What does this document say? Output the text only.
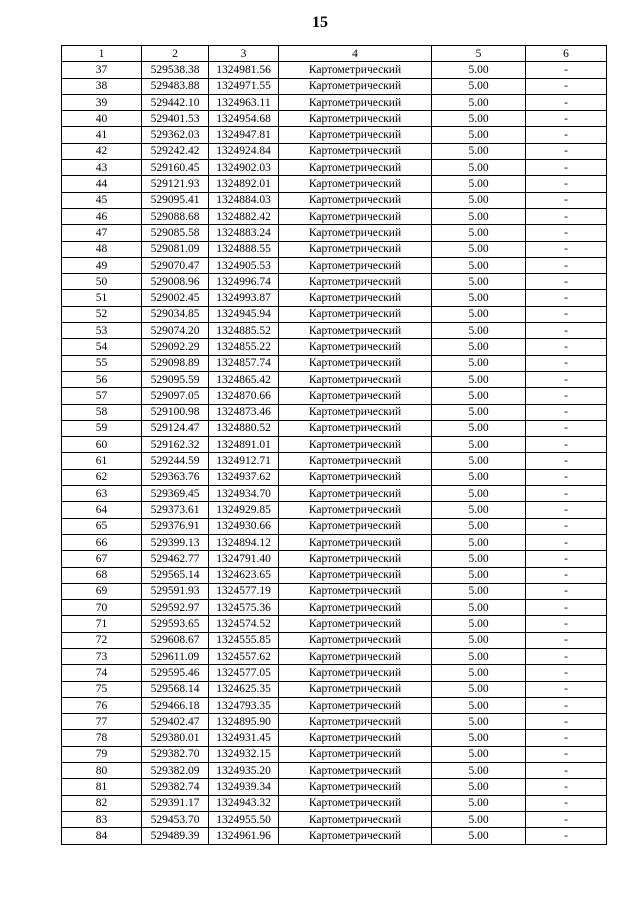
15
1	2	3	4	5	6
37	529538.38	1324981.56	Картометрический	5.00	-
38	529483.88	1324971.55	Картометрический	5.00	-
39	529442.10	1324963.11	Картометрический	5.00	-
40	529401.53	1324954.68	Картометрический	5.00	-
41	529362.03	1324947.81	Картометрический	5.00	-
42	529242.42	1324924.84	Картометрический	5.00	-
43	529160.45	1324902.03	Картометрический	5.00	-
44	529121.93	1324892.01	Картометрический	5.00	-
45	529095.41	1324884.03	Картометрический	5.00	-
46	529088.68	1324882.42	Картометрический	5.00	-
47	529085.58	1324883.24	Картометрический	5.00	-
48	529081.09	1324888.55	Картометрический	5.00	-
49	529070.47	1324905.53	Картометрический	5.00	-
50	529008.96	1324996.74	Картометрический	5.00	-
51	529002.45	1324993.87	Картометрический	5.00	-
52	529034.85	1324945.94	Картометрический	5.00	-
53	529074.20	1324885.52	Картометрический	5.00	-
54	529092.29	1324855.22	Картометрический	5.00	-
55	529098.89	1324857.74	Картометрический	5.00	-
56	529095.59	1324865.42	Картометрический	5.00	-
57	529097.05	1324870.66	Картометрический	5.00	-
58	529100.98	1324873.46	Картометрический	5.00	-
59	529124.47	1324880.52	Картометрический	5.00	-
60	529162.32	1324891.01	Картометрический	5.00	-
61	529244.59	1324912.71	Картометрический	5.00	-
62	529363.76	1324937.62	Картометрический	5.00	-
63	529369.45	1324934.70	Картометрический	5.00	-
64	529373.61	1324929.85	Картометрический	5.00	-
65	529376.91	1324930.66	Картометрический	5.00	-
66	529399.13	1324894.12	Картометрический	5.00	-
67	529462.77	1324791.40	Картометрический	5.00	-
68	529565.14	1324623.65	Картометрический	5.00	-
69	529591.93	1324577.19	Картометрический	5.00	-
70	529592.97	1324575.36	Картометрический	5.00	-
71	529593.65	1324574.52	Картометрический	5.00	-
72	529608.67	1324555.85	Картометрический	5.00	-
73	529611.09	1324557.62	Картометрический	5.00	-
74	529595.46	1324577.05	Картометрический	5.00	-
75	529568.14	1324625.35	Картометрический	5.00	-
76	529466.18	1324793.35	Картометрический	5.00	-
77	529402.47	1324895.90	Картометрический	5.00	-
78	529380.01	1324931.45	Картометрический	5.00	-
79	529382.70	1324932.15	Картометрический	5.00	-
80	529382.09	1324935.20	Картометрический	5.00	-
81	529382.74	1324939.34	Картометрический	5.00	-
82	529391.17	1324943.32	Картометрический	5.00	-
83	529453.70	1324955.50	Картометрический	5.00	-
84	529489.39	1324961.96	Картометрический	5.00	-
